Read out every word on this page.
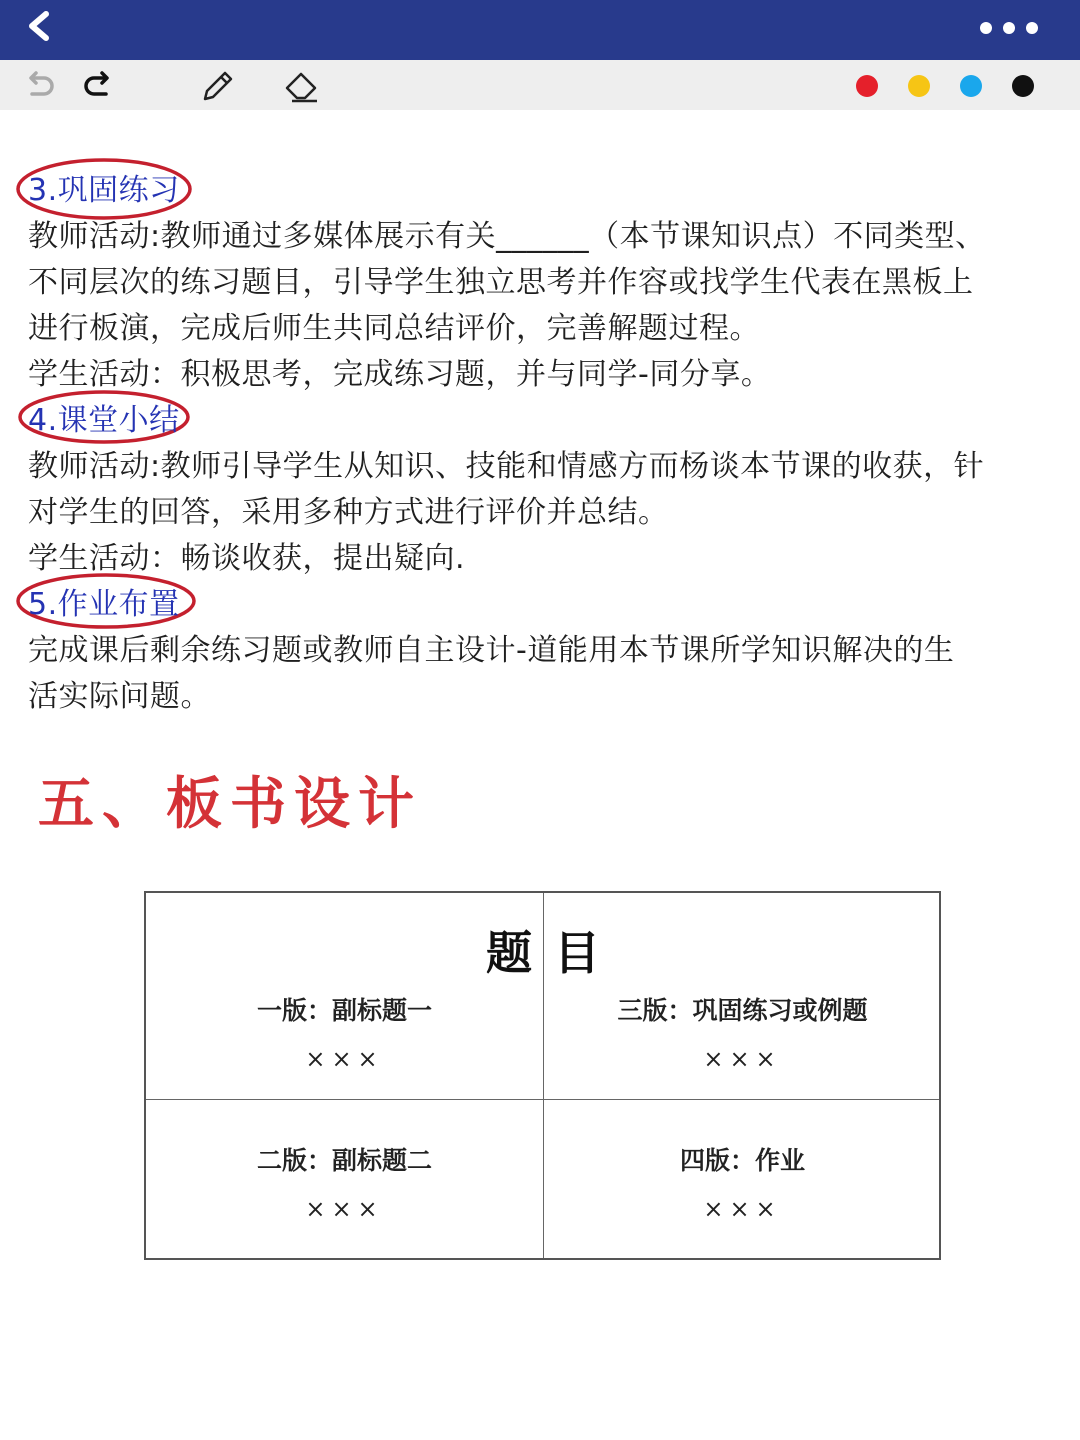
3.巩固练习
教师活动:教师通过多媒体展示有关______（本节课知识点）不同类型、
不同层次的练习题目，引导学生独立思考并作容或找学生代表在黑板上
进行板演，完成后师生共同总结评价，完善解题过程。
学生活动：积极思考，完成练习题，并与同学-同分享。
4.课堂小结
教师活动:教师引导学生从知识、技能和情感方而杨谈本节课的收获，针
对学生的回答，采用多种方式进行评价并总结。
学生活动：畅谈收获，提出疑向.
5.作业布置
完成课后剩余练习题或教师自主设计-道能用本节课所学知识解决的生
活实际问题。
五、板书设计
题目
一版：副标题一
×××
三版：巩固练习或例题
×××
二版：副标题二
×××
四版：作业
×××
